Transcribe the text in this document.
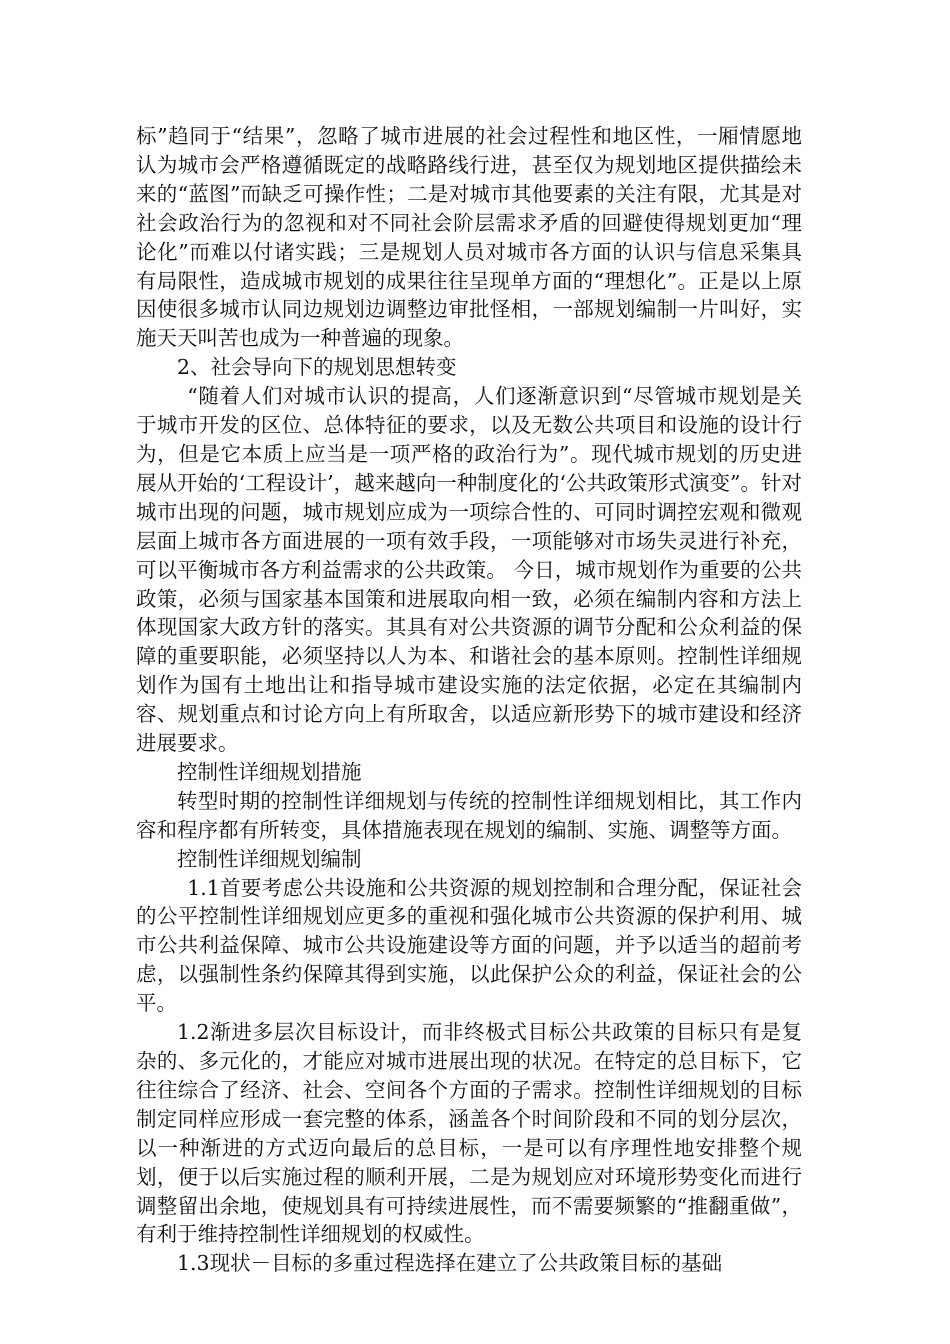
标”趋同于“结果”，忽略了城市进展的社会过程性和地区性，一厢情愿地认为城市会严格遵循既定的战略路线行进，甚至仅为规划地区提供描绘未来的“蓝图”而缺乏可操作性；二是对城市其他要素的关注有限，尤其是对社会政治行为的忽视和对不同社会阶层需求矛盾的回避使得规划更加“理论化”而难以付诸实践；三是规划人员对城市各方面的认识与信息采集具有局限性，造成城市规划的成果往往呈现单方面的“理想化”。正是以上原因使很多城市认同边规划边调整边审批怪相，一部规划编制一片叫好，实施天天叫苦也成为一种普遍的现象。

2、社会导向下的规划思想转变

“随着人们对城市认识的提高，人们逐渐意识到“尽管城市规划是关于城市开发的区位、总体特征的要求，以及无数公共项目和设施的设计行为，但是它本质上应当是一项严格的政治行为”。现代城市规划的历史进展从开始的‘工程设计’，越来越向一种制度化的‘公共政策形式演变”。针对城市出现的问题，城市规划应成为一项综合性的、可同时调控宏观和微观层面上城市各方面进展的一项有效手段，一项能够对市场失灵进行补充，可以平衡城市各方利益需求的公共政策。 今日，城市规划作为重要的公共政策，必须与国家基本国策和进展取向相一致，必须在编制内容和方法上体现国家大政方针的落实。其具有对公共资源的调节分配和公众利益的保障的重要职能，必须坚持以人为本、和谐社会的基本原则。控制性详细规划作为国有土地出让和指导城市建设实施的法定依据，必定在其编制内容、规划重点和讨论方向上有所取舍，以适应新形势下的城市建设和经济进展要求。

控制性详细规划措施

转型时期的控制性详细规划与传统的控制性详细规划相比，其工作内容和程序都有所转变，具体措施表现在规划的编制、实施、调整等方面。

控制性详细规划编制

1.1首要考虑公共设施和公共资源的规划控制和合理分配，保证社会的公平控制性详细规划应更多的重视和强化城市公共资源的保护利用、城市公共利益保障、城市公共设施建设等方面的问题，并予以适当的超前考虑，以强制性条约保障其得到实施，以此保护公众的利益，保证社会的公平。

1.2渐进多层次目标设计，而非终极式目标公共政策的目标只有是复杂的、多元化的，才能应对城市进展出现的状况。在特定的总目标下，它往往综合了经济、社会、空间各个方面的子需求。控制性详细规划的目标制定同样应形成一套完整的体系，涵盖各个时间阶段和不同的划分层次，以一种渐进的方式迈向最后的总目标，一是可以有序理性地安排整个规划，便于以后实施过程的顺利开展，二是为规划应对环境形势变化而进行调整留出余地，使规划具有可持续进展性，而不需要频繁的“推翻重做”，有利于维持控制性详细规划的权威性。

1.3现状－目标的多重过程选择在建立了公共政策目标的基础
